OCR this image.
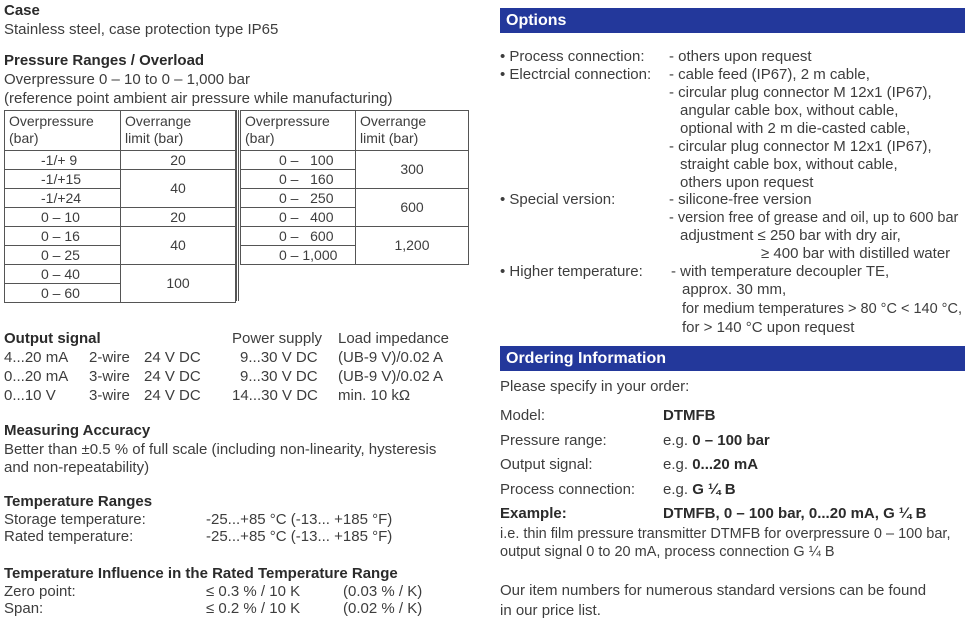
Case
Stainless steel, case protection type IP65
Pressure Ranges / Overload
Overpressure 0 – 10 to 0 – 1,000 bar
(reference point ambient air pressure while manufacturing)
Overpressure
(bar)	Overrange
limit (bar)
-1/+ 9	20
-1/+15	40
-1/+24	
0 – 10	20
0 – 16	40
0 – 25	
0 – 40	100
0 – 60	
Overpressure
(bar)	Overrange
limit (bar)
0 –   100	300
0 –   160	
0 –   250	600
0 –   400	
0 –   600	1,200
0 – 1,000	
Output signal	Power supply Load impedance
4...20 mA 2-wire 24 V DC	9...30 V DC (UB-9 V)/0.02 A
0...20 mA 3-wire 24 V DC	9...30 V DC (UB-9 V)/0.02 A
0...10 V 3-wire 24 V DC 14...30 V DC min. 10 kΩ
Measuring Accuracy
Better than ±0.5 % of full scale (including non-linearity, hysteresis
and non-repeatability)
Temperature Ranges
Storage temperature:	-25...+85 °C (-13... +185 °F)
Rated temperature:	-25...+85 °C (-13... +185 °F)
Temperature Influence in the Rated Temperature Range
Zero point:	≤ 0.3 % / 10 K	(0.03 % / K)
Span:	≤ 0.2 % / 10 K	(0.02 % / K)
Options
• Process connection: - others upon request
• Electrcial connection: - cable feed (IP67), 2 m cable,
- circular plug connector M 12x1 (IP67),
angular cable box, without cable,
optional with 2 m die-casted cable,
- circular plug connector M 12x1 (IP67),
straight cable box, without cable,
others upon request
• Special version:	- silicone-free version
- version free of grease and oil, up to 600 bar
adjustment ≤ 250 bar with dry air,
≥ 400 bar with distilled water
• Higher temperature: - with temperature decoupler TE,
approx. 30 mm,
for medium temperatures > 80 °C < 140 °C,
for > 140 °C upon request
Ordering Information
Please specify in your order:
Model:	DTMFB
Pressure range:	e.g. 0 – 100 bar
Output signal:	e.g. 0...20 mA
Process connection: e.g. G ¼ B
Example:	DTMFB, 0 – 100 bar, 0...20 mA, G ¼ B
i.e. thin film pressure transmitter DTMFB for overpressure 0 – 100 bar,
output signal 0 to 20 mA, process connection G ¼ B
Our item numbers for numerous standard versions can be found
in our price list.
